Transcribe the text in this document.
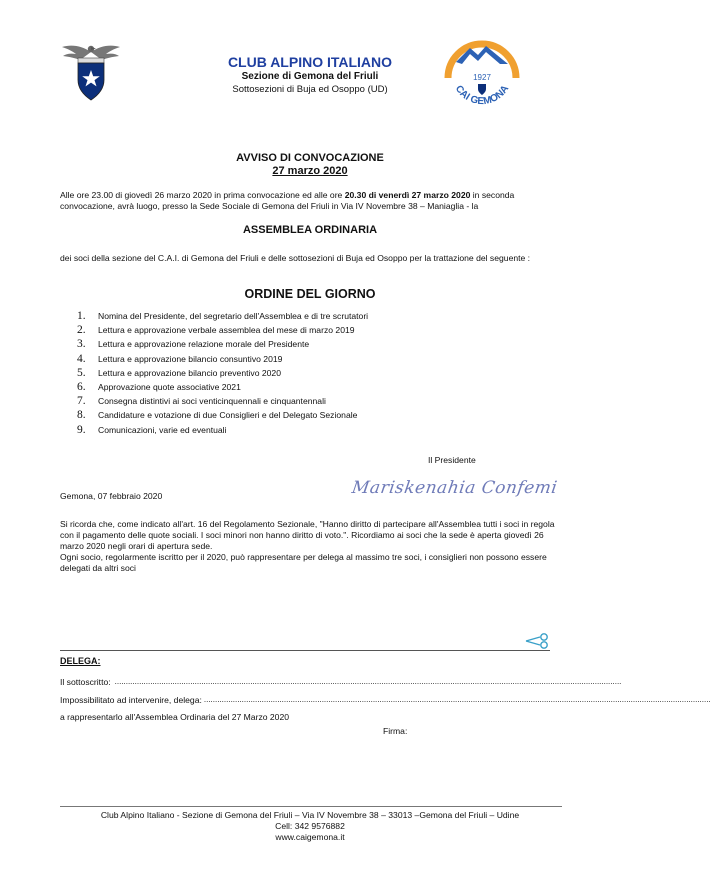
CLUB ALPINO ITALIANO
Sezione di Gemona del Friuli
Sottosezioni di Buja ed Osoppo (UD)
1927
CAI GEMONA
AVVISO DI CONVOCAZIONE
27 marzo 2020
Alle ore 23.00 di giovedì 26 marzo 2020 in prima convocazione ed alle ore 20.30 di venerdì 27 marzo 2020 in seconda convocazione, avrà luogo, presso la Sede Sociale di Gemona del Friuli in Via IV Novembre 38 – Maniaglia - la
ASSEMBLEA ORDINARIA
dei soci della sezione del C.A.I. di Gemona del Friuli e delle sottosezioni di Buja ed Osoppo per la trattazione del seguente :
ORDINE DEL GIORNO
1.	Nomina del Presidente, del segretario dell'Assemblea e di tre scrutatori
2.	Lettura e approvazione verbale assemblea del mese di marzo 2019
3.	Lettura e approvazione relazione morale del Presidente
4.	Lettura e approvazione bilancio consuntivo 2019
5.	Lettura e approvazione bilancio preventivo 2020
6.	Approvazione quote associative 2021
7.	Consegna distintivi ai soci venticinquennali e cinquantennali
8.	Candidature e votazione di due Consiglieri e del Delegato Sezionale
9.	Comunicazioni, varie ed eventuali
Il Presidente
Gemona, 07 febbraio 2020	Mariskenahia Confemi
Si ricorda che, come indicato all'art. 16 del Regolamento Sezionale, "Hanno diritto di partecipare all'Assemblea tutti i soci in regola con il pagamento delle quote sociali. I soci minori non hanno diritto di voto.". Ricordiamo ai soci che la sede è aperta giovedì 26 marzo 2020 negli orari di apertura sede.
Ogni socio, regolarmente iscritto per il 2020, può rappresentare per delega al massimo tre soci, i consiglieri non possono essere delegati da altri soci
DELEGA:
Il sottoscritto: ....................................................................................................................................................................................................................................
Impossibilitato ad intervenire, delega: ....................................................................................................................................................................................................................................
a rappresentarlo all'Assemblea Ordinaria del 27 Marzo 2020
Firma:
Club Alpino Italiano - Sezione di Gemona del Friuli – Via IV Novembre 38 – 33013 –Gemona del Friuli – Udine
Cell: 342 9576882
www.caigemona.it
